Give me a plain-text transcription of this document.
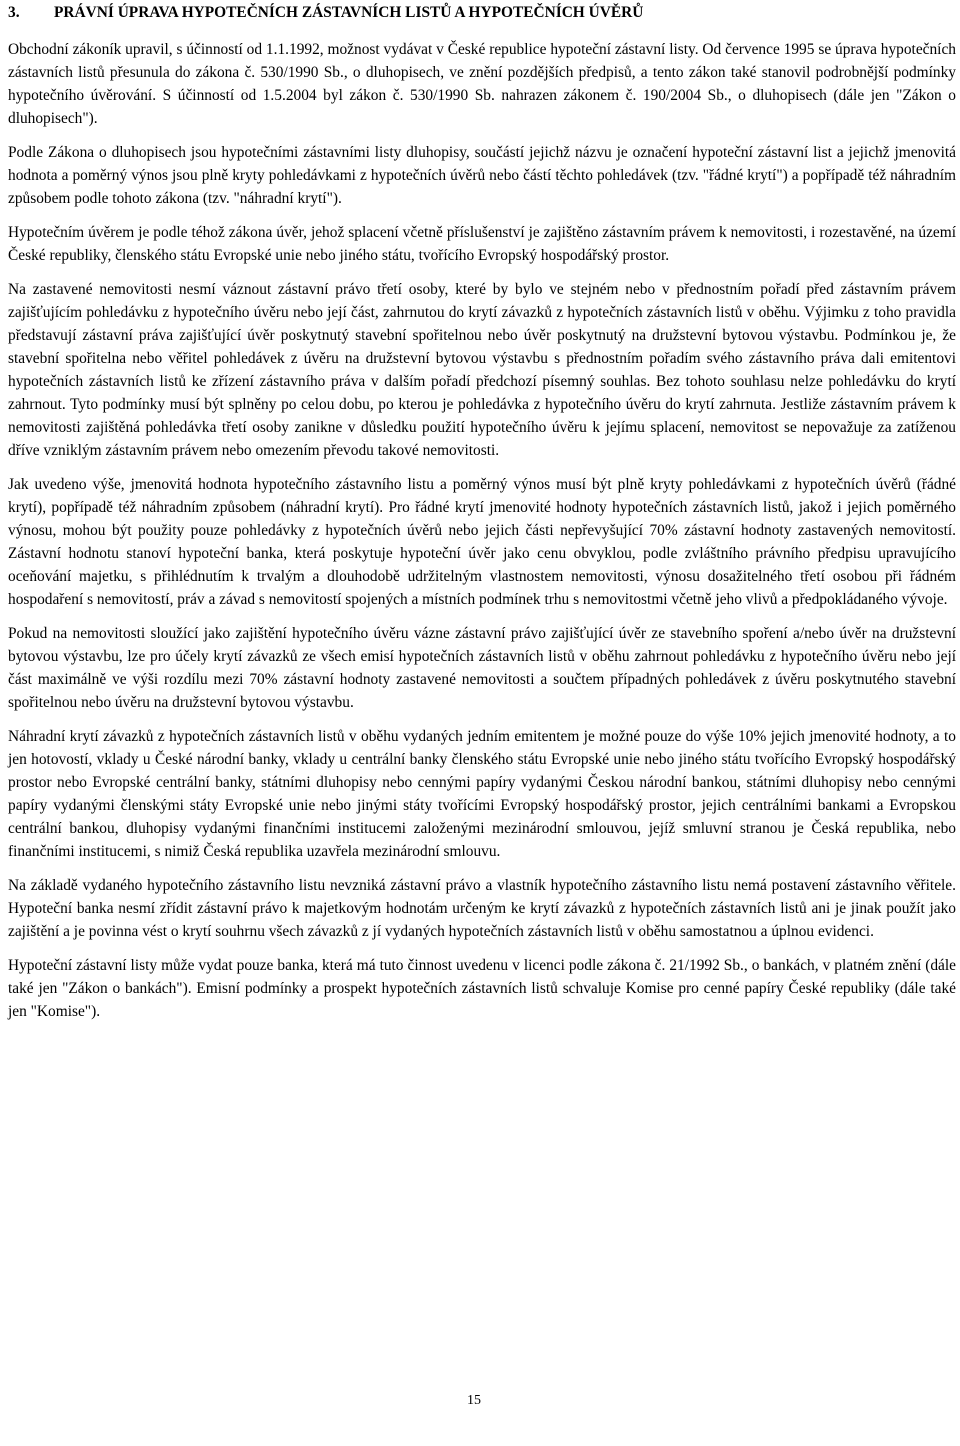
3. PRÁVNÍ ÚPRAVA HYPOTEČNÍCH ZÁSTAVNÍCH LISTŮ A HYPOTEČNÍCH ÚVĚRŮ

Obchodní zákoník upravil, s účinností od 1.1.1992, možnost vydávat v České republice hypoteční zástavní listy. Od července 1995 se úprava hypotečních zástavních listů přesunula do zákona č. 530/1990 Sb., o dluhopisech, ve znění pozdějších předpisů, a tento zákon také stanovil podrobnější podmínky hypotečního úvěrování. S účinností od 1.5.2004 byl zákon č. 530/1990 Sb. nahrazen zákonem č. 190/2004 Sb., o dluhopisech (dále jen "Zákon o dluhopisech").

Podle Zákona o dluhopisech jsou hypotečními zástavními listy dluhopisy, součástí jejichž názvu je označení hypoteční zástavní list a jejichž jmenovitá hodnota a poměrný výnos jsou plně kryty pohledávkami z hypotečních úvěrů nebo částí těchto pohledávek (tzv. "řádné krytí") a popřípadě též náhradním způsobem podle tohoto zákona (tzv. "náhradní krytí").

Hypotečním úvěrem je podle téhož zákona úvěr, jehož splacení včetně příslušenství je zajištěno zástavním právem k nemovitosti, i rozestavěné, na území České republiky, členského státu Evropské unie nebo jiného státu, tvořícího Evropský hospodářský prostor.

Na zastavené nemovitosti nesmí váznout zástavní právo třetí osoby, které by bylo ve stejném nebo v přednostním pořadí před zástavním právem zajišťujícím pohledávku z hypotečního úvěru nebo její část, zahrnutou do krytí závazků z hypotečních zástavních listů v oběhu. Výjimku z toho pravidla představují zástavní práva zajišťující úvěr poskytnutý stavební spořitelnou nebo úvěr poskytnutý na družstevní bytovou výstavbu. Podmínkou je, že stavební spořitelna nebo věřitel pohledávek z úvěru na družstevní bytovou výstavbu s přednostním pořadím svého zástavního práva dali emitentovi hypotečních zástavních listů ke zřízení zástavního práva v dalším pořadí předchozí písemný souhlas. Bez tohoto souhlasu nelze pohledávku do krytí zahrnout. Tyto podmínky musí být splněny po celou dobu, po kterou je pohledávka z hypotečního úvěru do krytí zahrnuta. Jestliže zástavním právem k nemovitosti zajištěná pohledávka třetí osoby zanikne v důsledku použití hypotečního úvěru k jejímu splacení, nemovitost se nepovažuje za zatíženou dříve vzniklým zástavním právem nebo omezením převodu takové nemovitosti.

Jak uvedeno výše, jmenovitá hodnota hypotečního zástavního listu a poměrný výnos musí být plně kryty pohledávkami z hypotečních úvěrů (řádné krytí), popřípadě též náhradním způsobem (náhradní krytí). Pro řádné krytí jmenovité hodnoty hypotečních zástavních listů, jakož i jejich poměrného výnosu, mohou být použity pouze pohledávky z hypotečních úvěrů nebo jejich části nepřevyšující 70% zástavní hodnoty zastavených nemovitostí. Zástavní hodnotu stanoví hypoteční banka, která poskytuje hypoteční úvěr jako cenu obvyklou, podle zvláštního právního předpisu upravujícího oceňování majetku, s přihlédnutím k trvalým a dlouhodobě udržitelným vlastnostem nemovitosti, výnosu dosažitelného třetí osobou při řádném hospodaření s nemovitostí, práv a závad s nemovitostí spojených a místních podmínek trhu s nemovitostmi včetně jeho vlivů a předpokládaného vývoje.

Pokud na nemovitosti sloužící jako zajištění hypotečního úvěru vázne zástavní právo zajišťující úvěr ze stavebního spoření a/nebo úvěr na družstevní bytovou výstavbu, lze pro účely krytí závazků ze všech emisí hypotečních zástavních listů v oběhu zahrnout pohledávku z hypotečního úvěru nebo její část maximálně ve výši rozdílu mezi 70% zástavní hodnoty zastavené nemovitosti a součtem případných pohledávek z úvěru poskytnutého stavební spořitelnou nebo úvěru na družstevní bytovou výstavbu.

Náhradní krytí závazků z hypotečních zástavních listů v oběhu vydaných jedním emitentem je možné pouze do výše 10% jejich jmenovité hodnoty, a to jen hotovostí, vklady u České národní banky, vklady u centrální banky členského státu Evropské unie nebo jiného státu tvořícího Evropský hospodářský prostor nebo Evropské centrální banky, státními dluhopisy nebo cennými papíry vydanými Českou národní bankou, státními dluhopisy nebo cennými papíry vydanými členskými státy Evropské unie nebo jinými státy tvořícími Evropský hospodářský prostor, jejich centrálními bankami a Evropskou centrální bankou, dluhopisy vydanými finančními institucemi založenými mezinárodní smlouvou, jejíž smluvní stranou je Česká republika, nebo finančními institucemi, s nimiž Česká republika uzavřela mezinárodní smlouvu.

Na základě vydaného hypotečního zástavního listu nevzniká zástavní právo a vlastník hypotečního zástavního listu nemá postavení zástavního věřitele. Hypoteční banka nesmí zřídit zástavní právo k majetkovým hodnotám určeným ke krytí závazků z hypotečních zástavních listů ani je jinak použít jako zajištění a je povinna vést o krytí souhrnu všech závazků z jí vydaných hypotečních zástavních listů v oběhu samostatnou a úplnou evidenci.

Hypoteční zástavní listy může vydat pouze banka, která má tuto činnost uvedenu v licenci podle zákona č. 21/1992 Sb., o bankách, v platném znění (dále také jen "Zákon o bankách"). Emisní podmínky a prospekt hypotečních zástavních listů schvaluje Komise pro cenné papíry České republiky (dále také jen "Komise").

15
